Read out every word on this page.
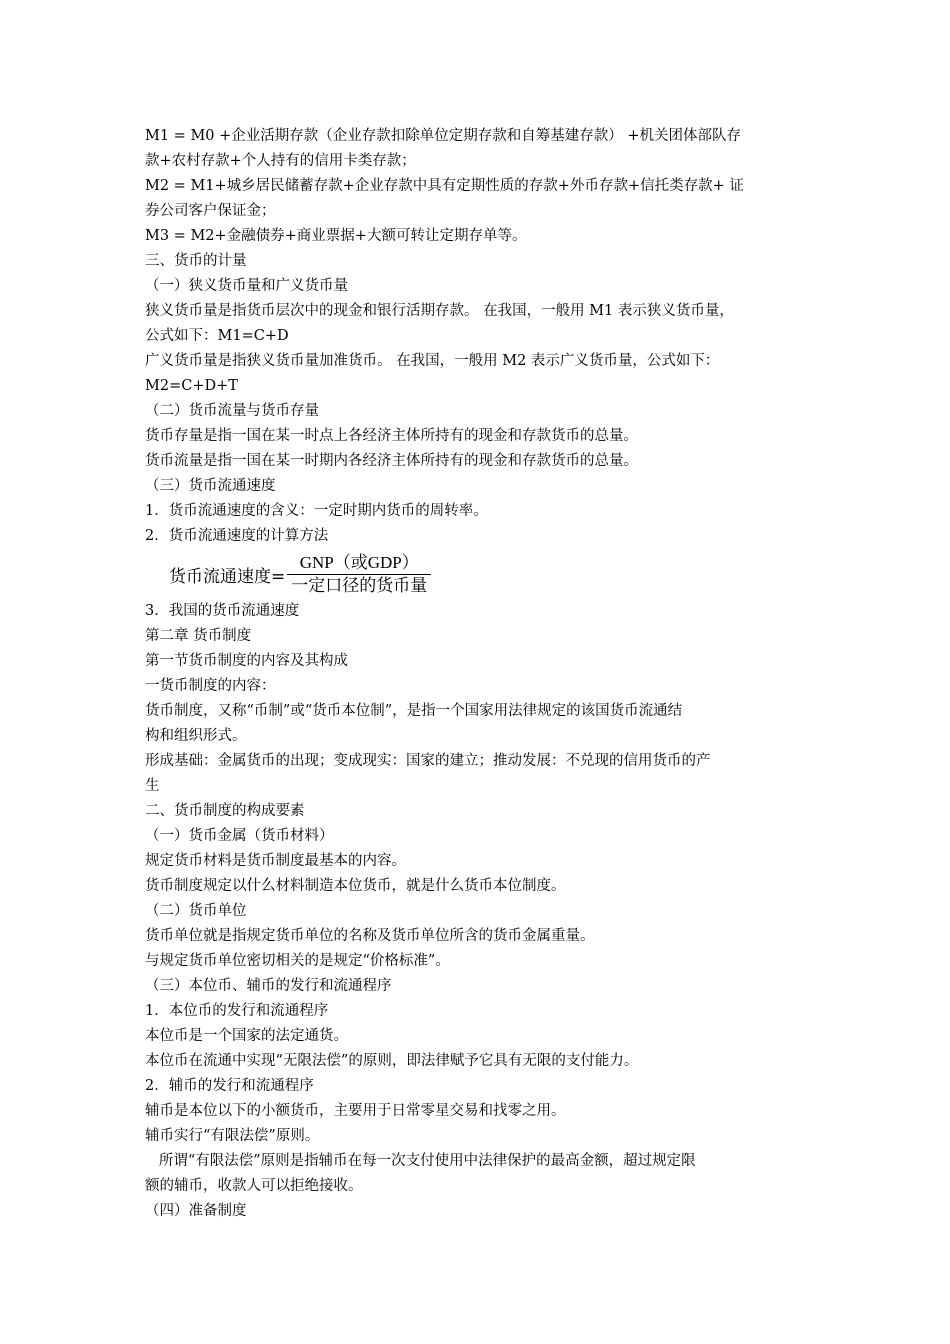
M1 = M0 +企业活期存款（企业存款扣除单位定期存款和自筹基建存款） +机关团体部队存
款+农村存款+个人持有的信用卡类存款；
M2 = M1+城乡居民储蓄存款+企业存款中具有定期性质的存款+外币存款+信托类存款+ 证
券公司客户保证金；
M3 = M2+金融债券+商业票据+大额可转让定期存单等。
三、货币的计量
（一）狭义货币量和广义货币量
狭义货币量是指货币层次中的现金和银行活期存款。 在我国，一般用 M1 表示狭义货币量，
公式如下：M1=C+D
广义货币量是指狭义货币量加准货币。 在我国，一般用 M2 表示广义货币量，公式如下：
M2=C+D+T
（二）货币流量与货币存量
货币存量是指一国在某一时点上各经济主体所持有的现金和存款货币的总量。
货币流量是指一国在某一时期内各经济主体所持有的现金和存款货币的总量。
（三）货币流通速度
1．货币流通速度的含义：一定时期内货币的周转率。
2．货币流通速度的计算方法
货币流通速度= $\frac{\text{GNP（或GDP）}}{\text{一定口径的货币量}}$
3．我国的货币流通速度
第二章 货币制度
第一节货币制度的内容及其构成
一货币制度的内容：
货币制度，又称“币制”或“货币本位制”，是指一个国家用法律规定的该国货币流通结
构和组织形式。
形成基础：金属货币的出现；变成现实：国家的建立；推动发展：不兑现的信用货币的产
生
二、货币制度的构成要素
（一）货币金属（货币材料）
规定货币材料是货币制度最基本的内容。
货币制度规定以什么材料制造本位货币，就是什么货币本位制度。
（二）货币单位
货币单位就是指规定货币单位的名称及货币单位所含的货币金属重量。
与规定货币单位密切相关的是规定“价格标准”。
（三）本位币、辅币的发行和流通程序
1．本位币的发行和流通程序
本位币是一个国家的法定通货。
本位币在流通中实现“无限法偿”的原则，即法律赋予它具有无限的支付能力。
2．辅币的发行和流通程序
辅币是本位以下的小额货币，主要用于日常零星交易和找零之用。
辅币实行“有限法偿”原则。
所谓“有限法偿”原则是指辅币在每一次支付使用中法律保护的最高金额，超过规定限
额的辅币，收款人可以拒绝接收。
（四）准备制度
